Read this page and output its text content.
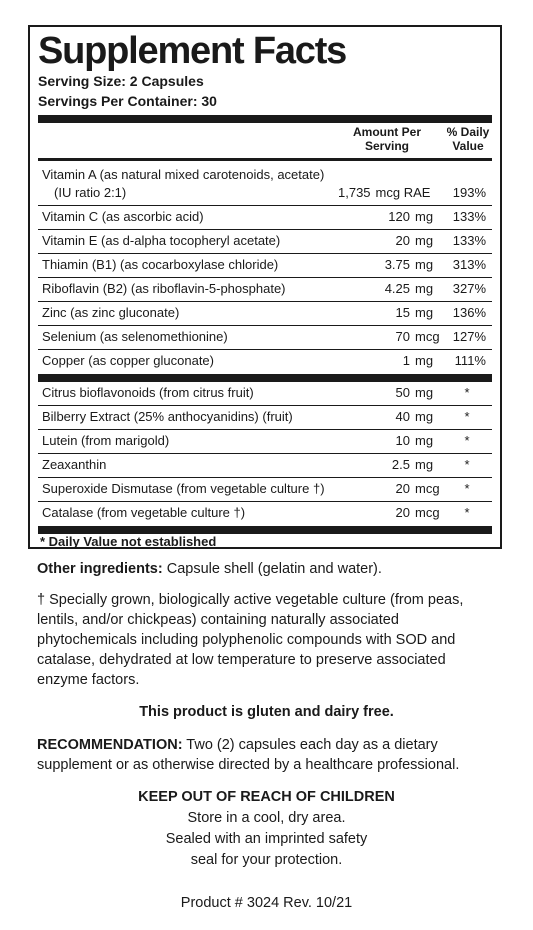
Supplement Facts
Serving Size: 2 Capsules
Servings Per Container: 30
Amount Per
Serving
% Daily
Value
* Daily Value not established
Vitamin A (as natural mixed carotenoids, acetate)
(IU ratio 2:1)	1,735 mcg RAE	193%
Vitamin C (as ascorbic acid)	120 mg	133%
Vitamin E (as d-alpha tocopheryl acetate)	20 mg	133%
Thiamin (B1) (as cocarboxylase chloride)	3.75 mg	313%
Riboflavin (B2) (as riboflavin-5-phosphate)	4.25 mg	327%
Zinc (as zinc gluconate)	15 mg	136%
Selenium (as selenomethionine)	70 mcg	127%
Copper (as copper gluconate)	1 mg	111%
Citrus bioflavonoids (from citrus fruit)	50 mg	*
Bilberry Extract (25% anthocyanidins) (fruit)	40 mg	*
Lutein (from marigold)	10 mg	*
Zeaxanthin	2.5 mg	*
Superoxide Dismutase (from vegetable culture †)	20 mcg	*
Catalase (from vegetable culture †)	20 mcg	*
Other ingredients: Capsule shell (gelatin and water).
† Specially grown, biologically active vegetable culture (from peas, lentils, and/or chickpeas) containing naturally associated phytochemicals including polyphenolic compounds with SOD and catalase, dehydrated at low temperature to preserve associated enzyme factors.
This product is gluten and dairy free.
RECOMMENDATION: Two (2) capsules each day as a dietary supplement or as otherwise directed by a healthcare professional.
KEEP OUT OF REACH OF CHILDREN
Store in a cool, dry area.
Sealed with an imprinted safety
seal for your protection.
Product # 3024 Rev. 10/21
